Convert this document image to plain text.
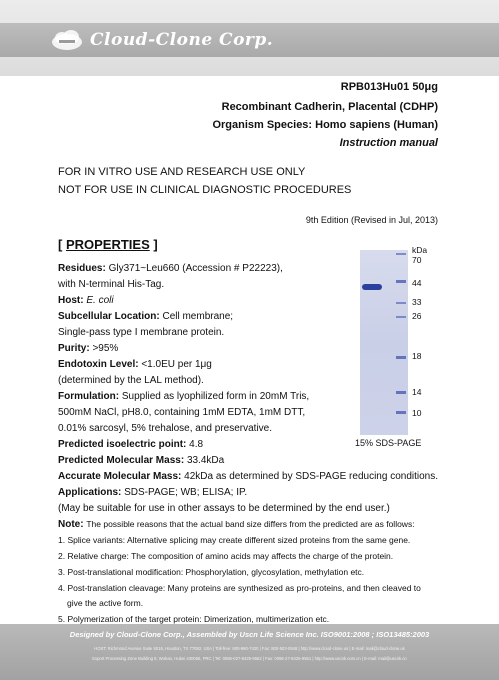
Cloud-Clone Corp.
RPB013Hu01 50μg
Recombinant Cadherin, Placental (CDHP)
Organism Species: Homo sapiens (Human)
Instruction manual
FOR IN VITRO USE AND RESEARCH USE ONLY
NOT FOR USE IN CLINICAL DIAGNOSTIC PROCEDURES
9th Edition (Revised in Jul, 2013)
[ PROPERTIES ]
Residues: Gly371~Leu660 (Accession # P22223),
with N-terminal His-Tag.
Host: E. coli
Subcellular Location: Cell membrane;
Single-pass type I membrane protein.
Purity: >95%
Endotoxin Level: <1.0EU per 1μg
(determined by the LAL method).
Formulation: Supplied as lyophilized form in 20mM Tris,
500mM NaCl, pH8.0, containing 1mM EDTA, 1mM DTT,
0.01% sarcosyl, 5% trehalose, and preservative.
Predicted isoelectric point: 4.8
Predicted Molecular Mass: 33.4kDa
Accurate Molecular Mass: 42kDa as determined by SDS-PAGE reducing conditions.
Applications: SDS-PAGE; WB; ELISA; IP.
(May be suitable for use in other assays to be determined by the end user.)
Note: The possible reasons that the actual band size differs from the predicted are as follows:
1. Splice variants: Alternative splicing may create different sized proteins from the same gene.
2. Relative charge: The composition of amino acids may affects the charge of the protein.
3. Post-translational modification: Phosphorylation, glycosylation, methylation etc.
4. Post-translation cleavage: Many proteins are synthesized as pro-proteins, and then cleaved to
give the active form.
5. Polymerization of the target protein: Dimerization, multimerization etc.
kDa
70
44
33
26
18
14
10
15% SDS-PAGE
Designed by Cloud-Clone Corp., Assembled by Uscn Life Science Inc. ISO9001:2008 ; ISO13485:2003
HOST: Richmond Avenue Suite 5016, Houston, TX 77082, USA | Toll-free: 800-990-7420 | Fax: 800-503-0948 | http://www.cloud-clone.us | E-mail: mail@cloud-clone.us
Export Processing Zone Building 8, Wuhan, Hubei 430056, PRC | Tel: 0086-027-8425-9552 | Fax: 0086-27-8425-9551 | http://www.uscnk.com.cn | E-mail: mail@uscnk.cn
